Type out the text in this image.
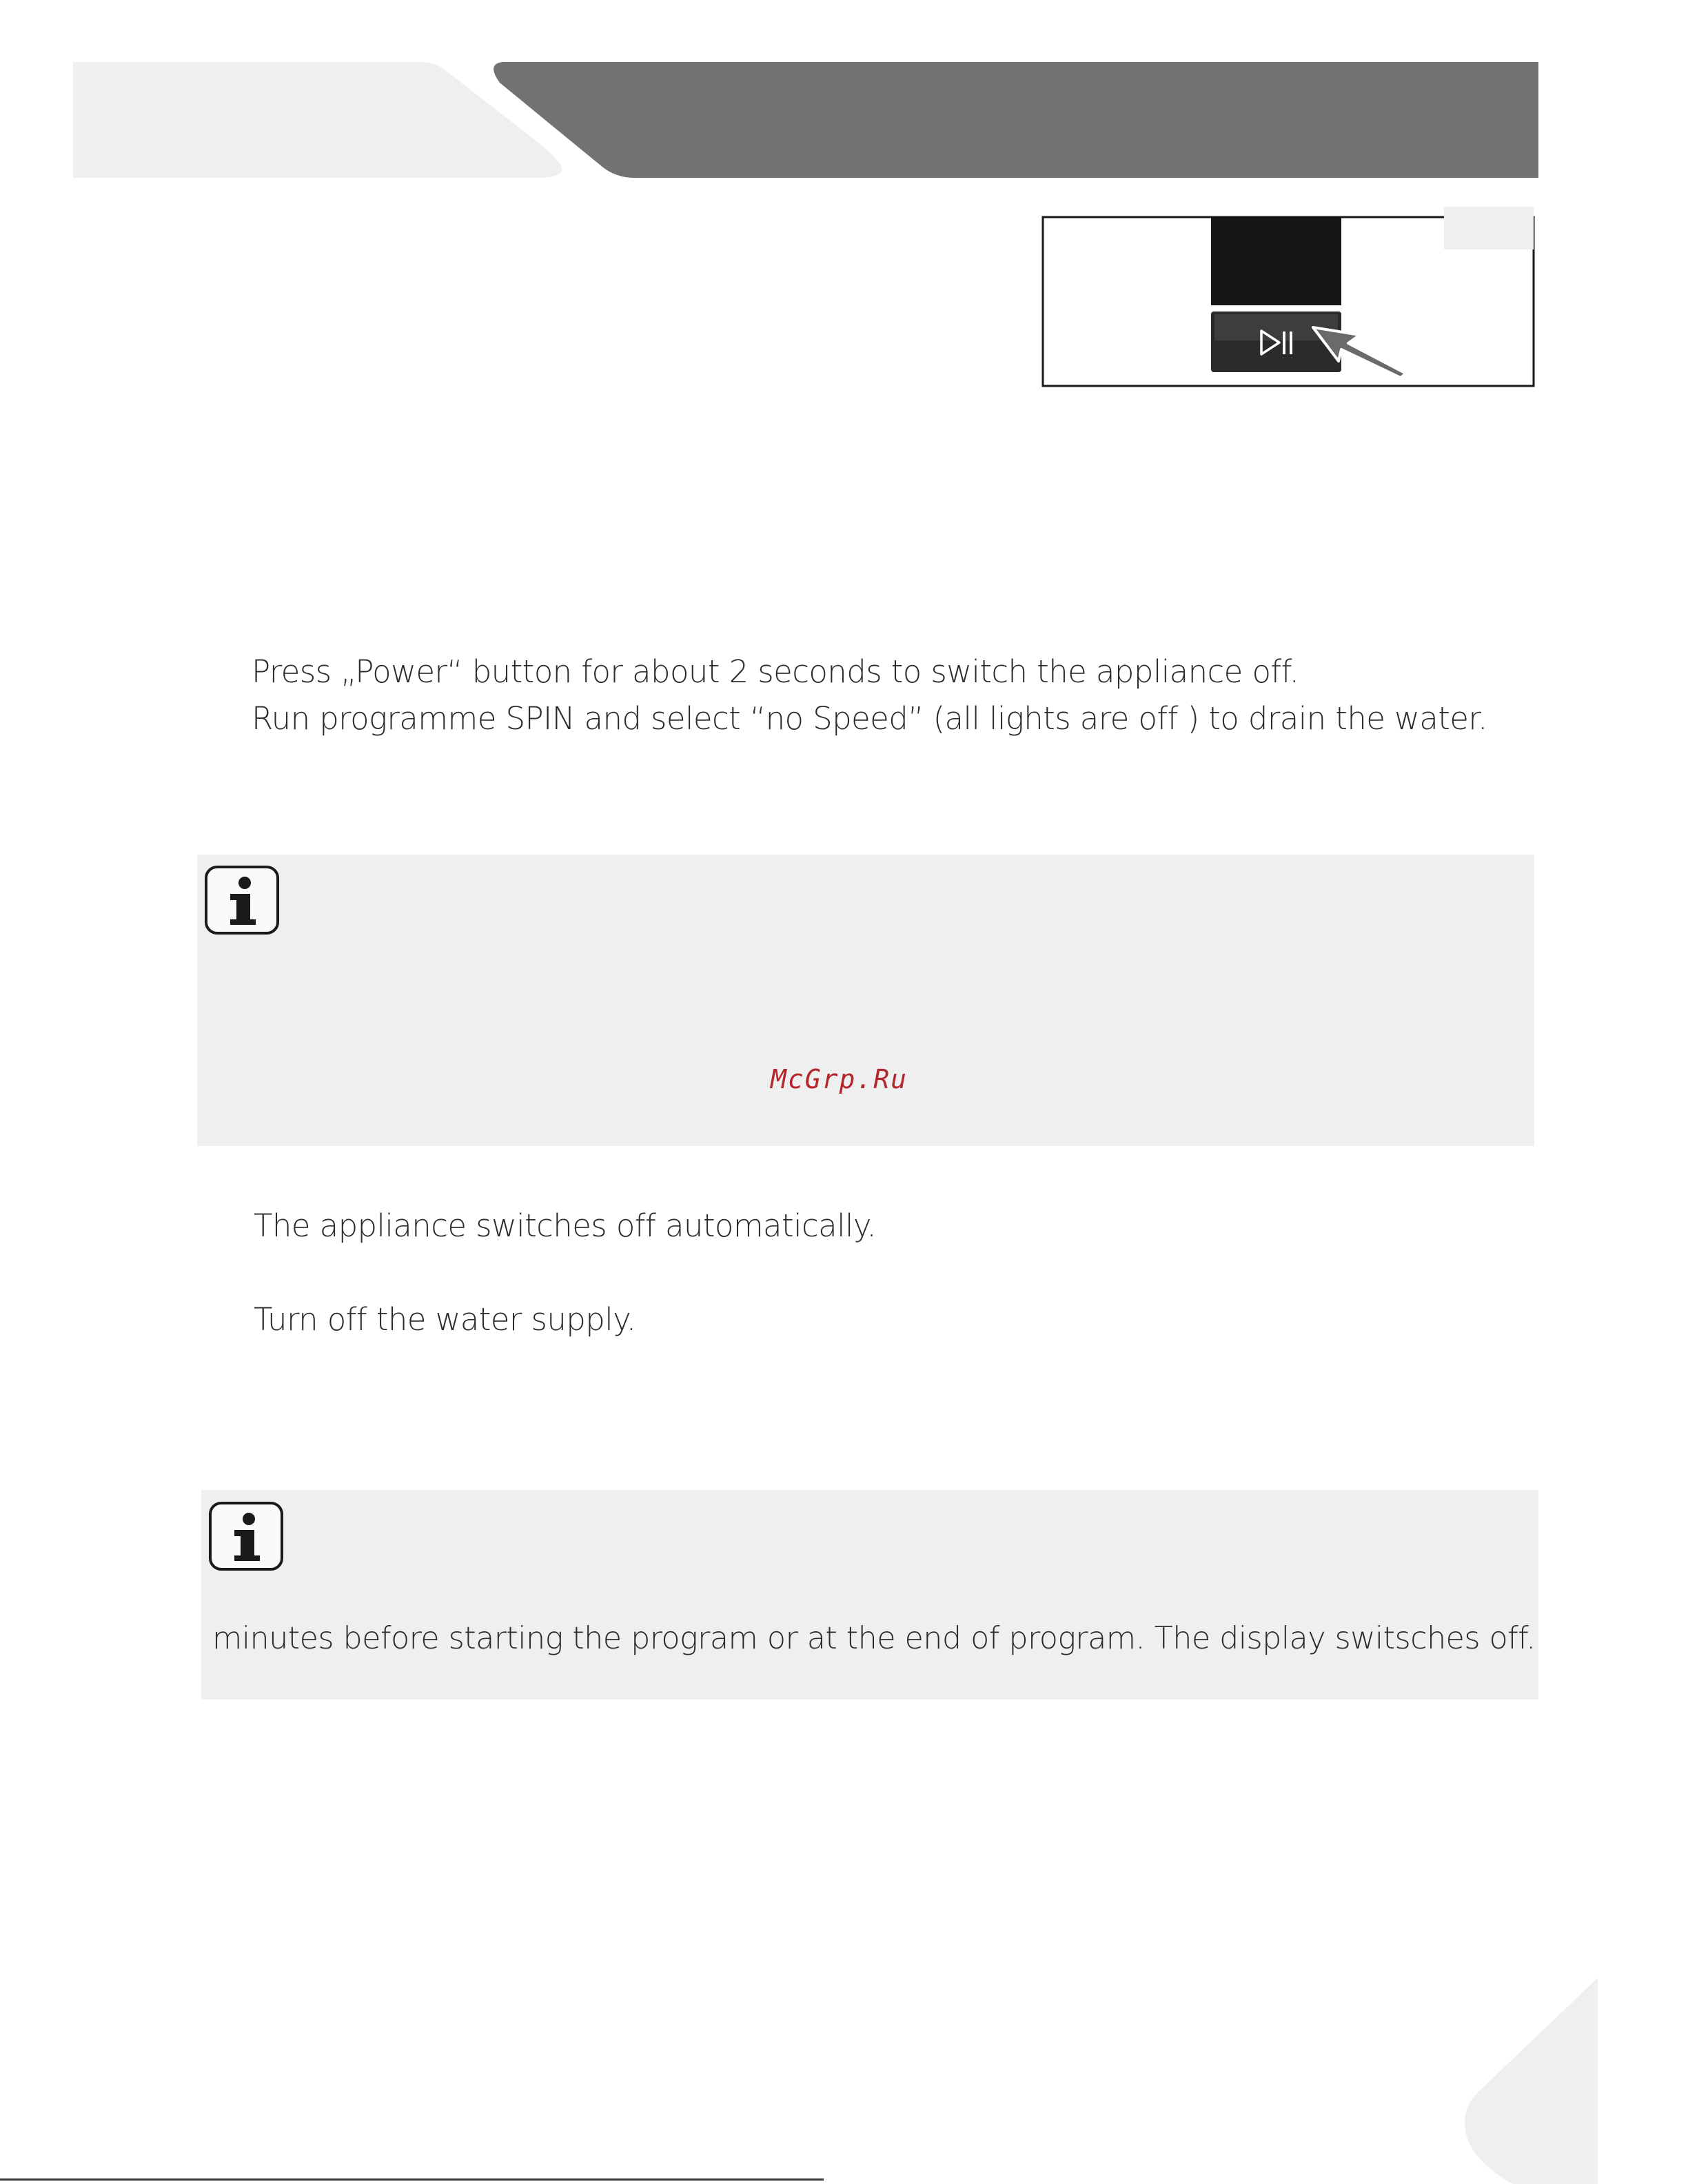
Press „Power“ button for about 2 seconds to switch the appliance off.
Run programme SPIN and select “no Speed” (all lights are off ) to drain the water.
McGrp.Ru
The appliance switches off automatically.
Turn off the water supply.
minutes before starting the program or at the end of program. The display switsches off.
